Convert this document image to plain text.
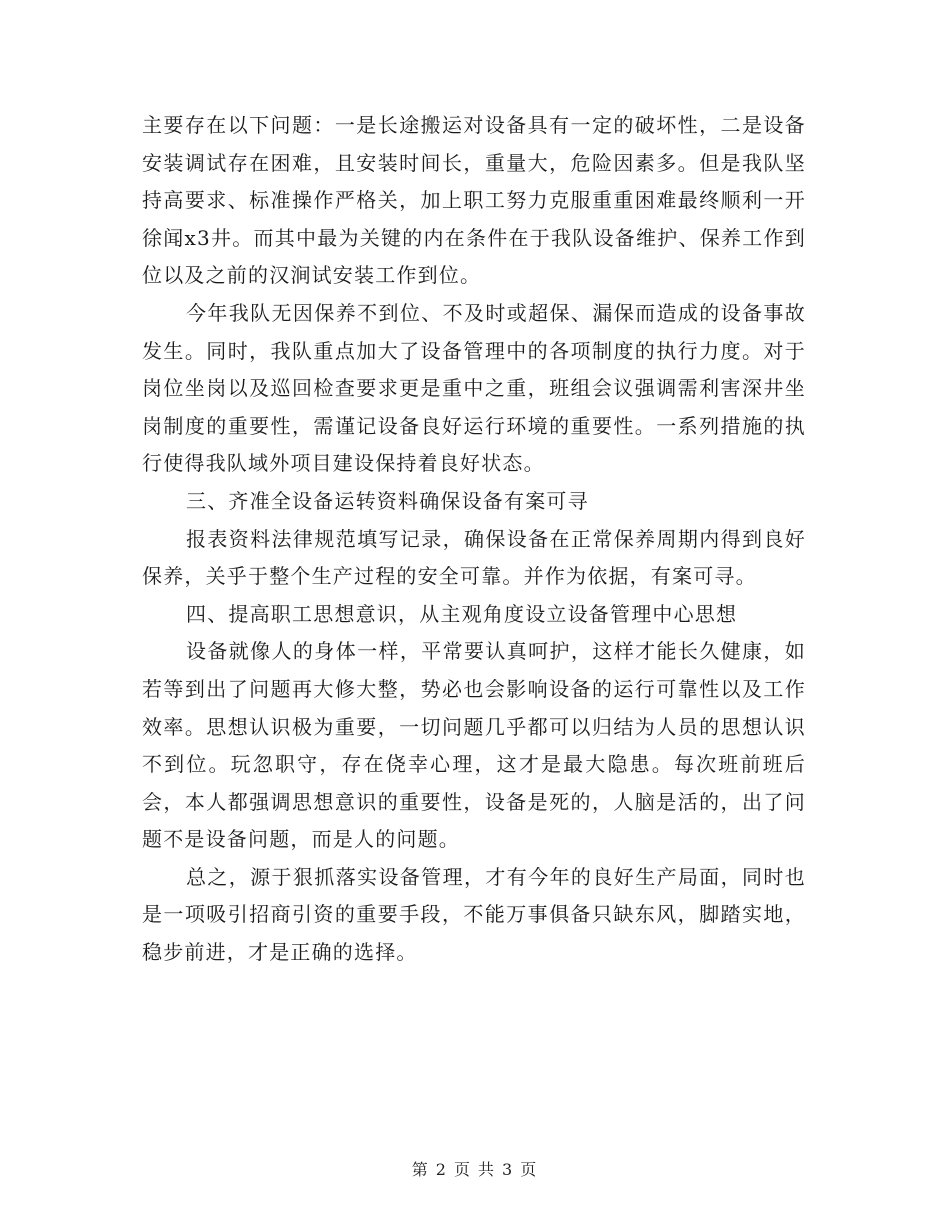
主要存在以下问题：一是长途搬运对设备具有一定的破坏性，二是设备安装调试存在困难，且安装时间长，重量大，危险因素多。但是我队坚持高要求、标准操作严格关，加上职工努力克服重重困难最终顺利一开徐闻x3井。而其中最为关键的内在条件在于我队设备维护、保养工作到位以及之前的汉涧试安装工作到位。

今年我队无因保养不到位、不及时或超保、漏保而造成的设备事故发生。同时，我队重点加大了设备管理中的各项制度的执行力度。对于岗位坐岗以及巡回检查要求更是重中之重，班组会议强调需利害深井坐岗制度的重要性，需谨记设备良好运行环境的重要性。一系列措施的执行使得我队域外项目建设保持着良好状态。

三、齐准全设备运转资料确保设备有案可寻

报表资料法律规范填写记录，确保设备在正常保养周期内得到良好保养，关乎于整个生产过程的安全可靠。并作为依据，有案可寻。

四、提高职工思想意识，从主观角度设立设备管理中心思想

设备就像人的身体一样，平常要认真呵护，这样才能长久健康，如若等到出了问题再大修大整，势必也会影响设备的运行可靠性以及工作效率。思想认识极为重要，一切问题几乎都可以归结为人员的思想认识不到位。玩忽职守，存在侥幸心理，这才是最大隐患。每次班前班后会，本人都强调思想意识的重要性，设备是死的，人脑是活的，出了问题不是设备问题，而是人的问题。

总之，源于狠抓落实设备管理，才有今年的良好生产局面，同时也是一项吸引招商引资的重要手段，不能万事俱备只缺东风，脚踏实地，稳步前进，才是正确的选择。

第 2 页 共 3 页
